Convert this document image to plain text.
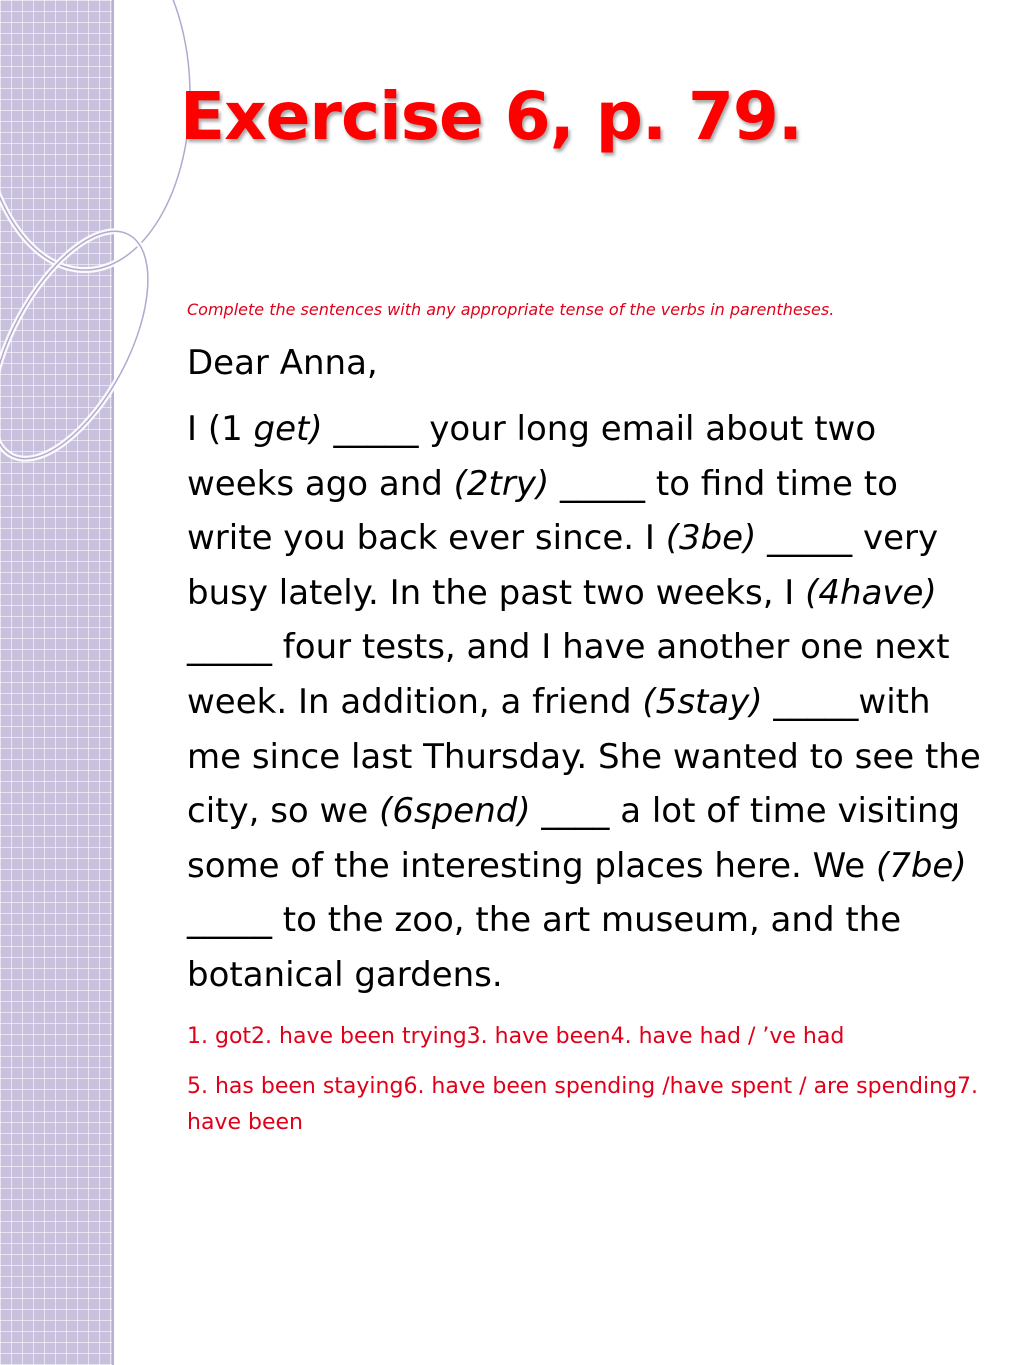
Exercise 6, p. 79.

Complete the sentences with any appropriate tense of the verbs in parentheses.

Dear Anna,

I (1 get) _____ your long email about two weeks ago and (2try) _____ to find time to write you back ever since. I (3be) _____ very busy lately. In the past two weeks, I (4have) _____ four tests, and I have another one next week. In addition, a friend (5stay) _____with me since last Thursday. She wanted to see the city, so we (6spend) ____ a lot of time visiting some of the interesting places here. We (7be) _____ to the zoo, the art museum, and the botanical gardens.

1. got2. have been trying3. have been4. have had / ’ve had

5. has been staying6. have been spending /have spent / are spending7. have been
